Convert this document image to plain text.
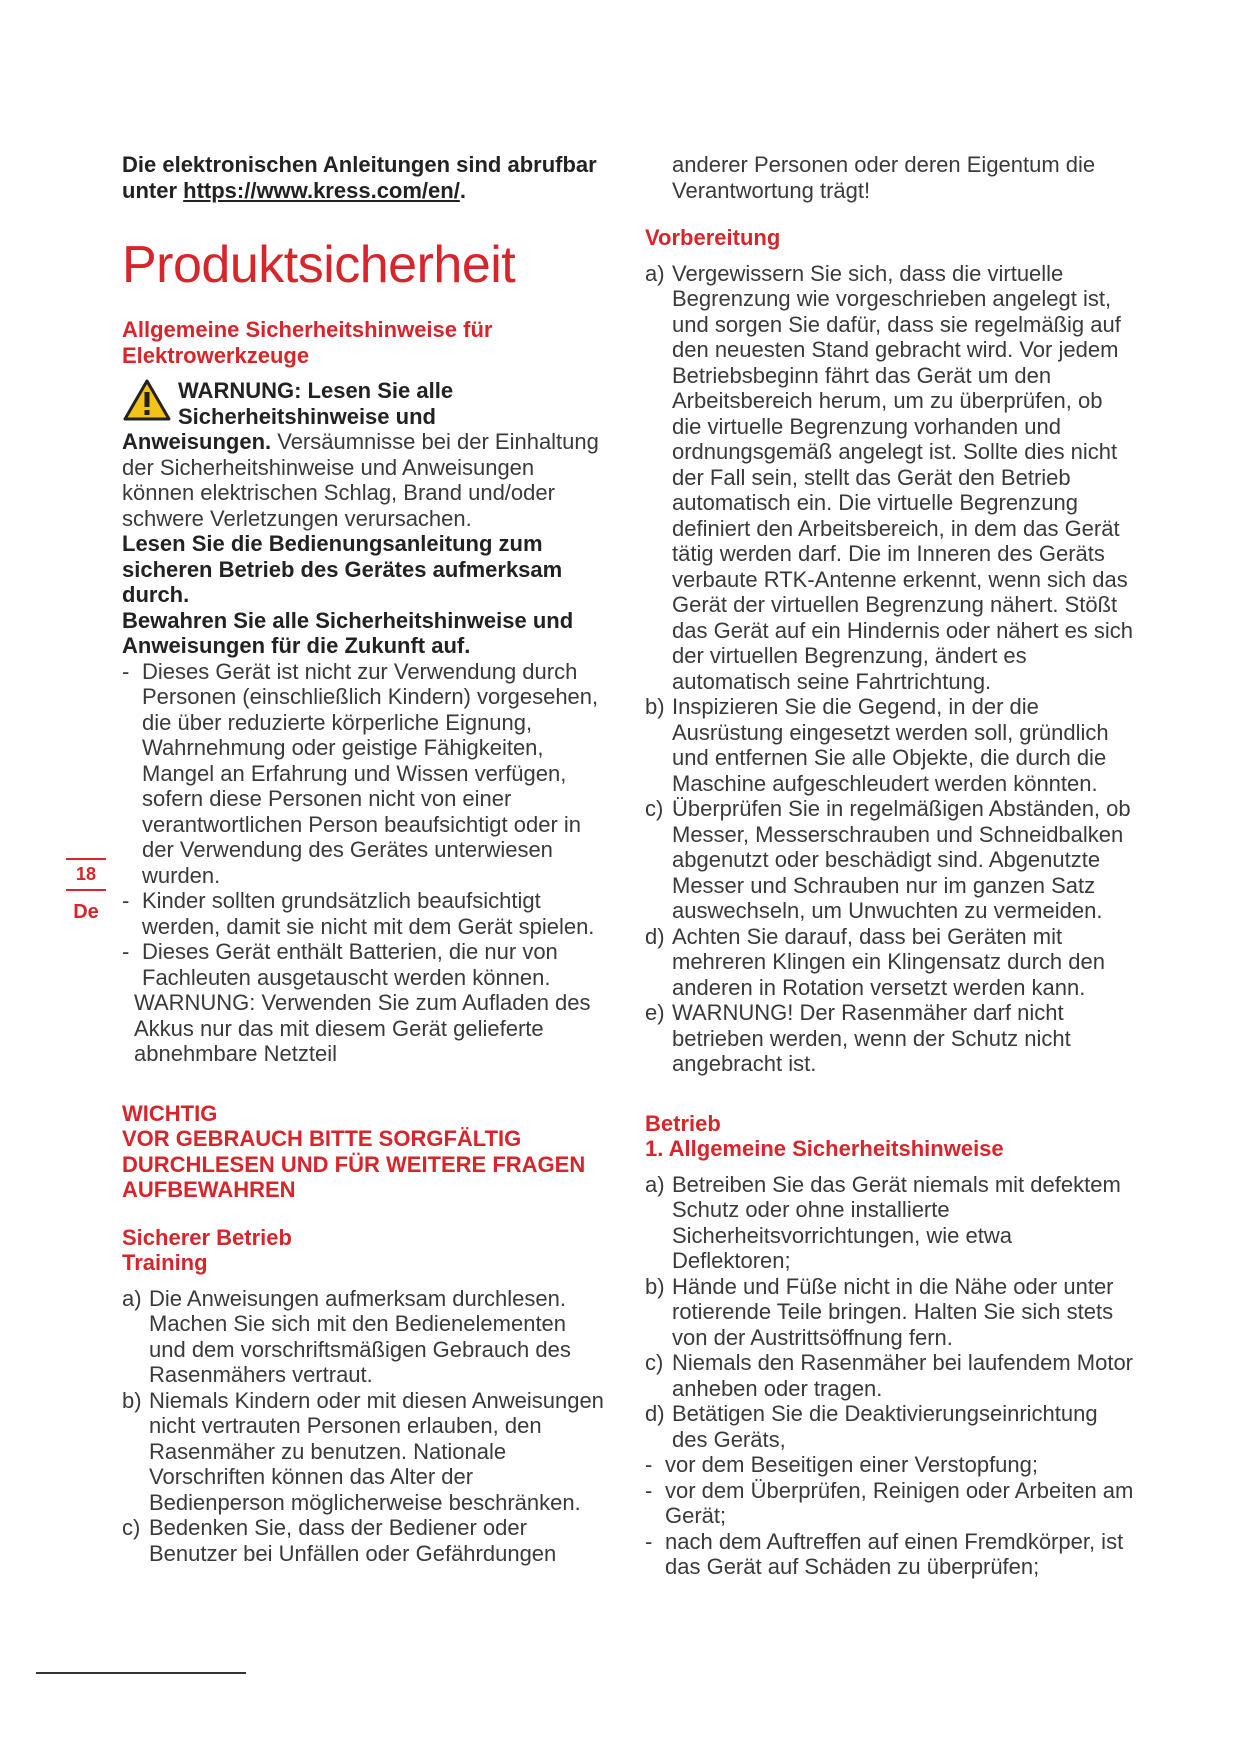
Die elektronischen Anleitungen sind abrufbar unter https://www.kress.com/en/.

Produktsicherheit

Allgemeine Sicherheitshinweise für Elektrowerkzeuge

WARNUNG: Lesen Sie alle Sicherheitshinweise und

Anweisungen. Versäumnisse bei der Einhaltung der Sicherheitshinweise und Anweisungen können elektrischen Schlag, Brand und/oder schwere Verletzungen verursachen.

Lesen Sie die Bedienungsanleitung zum sicheren Betrieb des Gerätes aufmerksam durch.

Bewahren Sie alle Sicherheitshinweise und Anweisungen für die Zukunft auf.

- Dieses Gerät ist nicht zur Verwendung durch Personen (einschließlich Kindern) vorgesehen, die über reduzierte körperliche Eignung, Wahrnehmung oder geistige Fähigkeiten, Mangel an Erfahrung und Wissen verfügen, sofern diese Personen nicht von einer verantwortlichen Person beaufsichtigt oder in der Verwendung des Gerätes unterwiesen wurden.
- Kinder sollten grundsätzlich beaufsichtigt werden, damit sie nicht mit dem Gerät spielen.
- Dieses Gerät enthält Batterien, die nur von Fachleuten ausgetauscht werden können.

WARNUNG: Verwenden Sie zum Aufladen des Akkus nur das mit diesem Gerät gelieferte abnehmbare Netzteil

WICHTIG

VOR GEBRAUCH BITTE SORGFÄLTIG DURCHLESEN UND FÜR WEITERE FRAGEN AUFBEWAHREN

Sicherer Betrieb

Training

a) Die Anweisungen aufmerksam durchlesen. Machen Sie sich mit den Bedienelementen und dem vorschriftsmäßigen Gebrauch des Rasenmähers vertraut.
b) Niemals Kindern oder mit diesen Anweisungen nicht vertrauten Personen erlauben, den Rasenmäher zu benutzen. Nationale Vorschriften können das Alter der Bedienperson möglicherweise beschränken.
c) Bedenken Sie, dass der Bediener oder Benutzer bei Unfällen oder Gefährdungen
18
De

anderer Personen oder deren Eigentum die Verantwortung trägt!

Vorbereitung

a) Vergewissern Sie sich, dass die virtuelle Begrenzung wie vorgeschrieben angelegt ist, und sorgen Sie dafür, dass sie regelmäßig auf den neuesten Stand gebracht wird. Vor jedem Betriebsbeginn fährt das Gerät um den Arbeitsbereich herum, um zu überprüfen, ob die virtuelle Begrenzung vorhanden und ordnungsgemäß angelegt ist. Sollte dies nicht der Fall sein, stellt das Gerät den Betrieb automatisch ein. Die virtuelle Begrenzung definiert den Arbeitsbereich, in dem das Gerät tätig werden darf. Die im Inneren des Geräts verbaute RTK-Antenne erkennt, wenn sich das Gerät der virtuellen Begrenzung nähert. Stößt das Gerät auf ein Hindernis oder nähert es sich der virtuellen Begrenzung, ändert es automatisch seine Fahrtrichtung.
b) Inspizieren Sie die Gegend, in der die Ausrüstung eingesetzt werden soll, gründlich und entfernen Sie alle Objekte, die durch die Maschine aufgeschleudert werden könnten.
c) Überprüfen Sie in regelmäßigen Abständen, ob Messer, Messerschrauben und Schneidbalken abgenutzt oder beschädigt sind. Abgenutzte Messer und Schrauben nur im ganzen Satz auswechseln, um Unwuchten zu vermeiden.
d) Achten Sie darauf, dass bei Geräten mit mehreren Klingen ein Klingensatz durch den anderen in Rotation versetzt werden kann.
e) WARNUNG! Der Rasenmäher darf nicht betrieben werden, wenn der Schutz nicht angebracht ist.

Betrieb

1. Allgemeine Sicherheitshinweise

a) Betreiben Sie das Gerät niemals mit defektem Schutz oder ohne installierte Sicherheitsvorrichtungen, wie etwa Deflektoren;
b) Hände und Füße nicht in die Nähe oder unter rotierende Teile bringen. Halten Sie sich stets von der Austrittsöffnung fern.
c) Niemals den Rasenmäher bei laufendem Motor anheben oder tragen.
d) Betätigen Sie die Deaktivierungseinrichtung des Geräts,
- vor dem Beseitigen einer Verstopfung;
- vor dem Überprüfen, Reinigen oder Arbeiten am Gerät;
- nach dem Auftreffen auf einen Fremdkörper, ist das Gerät auf Schäden zu überprüfen;
